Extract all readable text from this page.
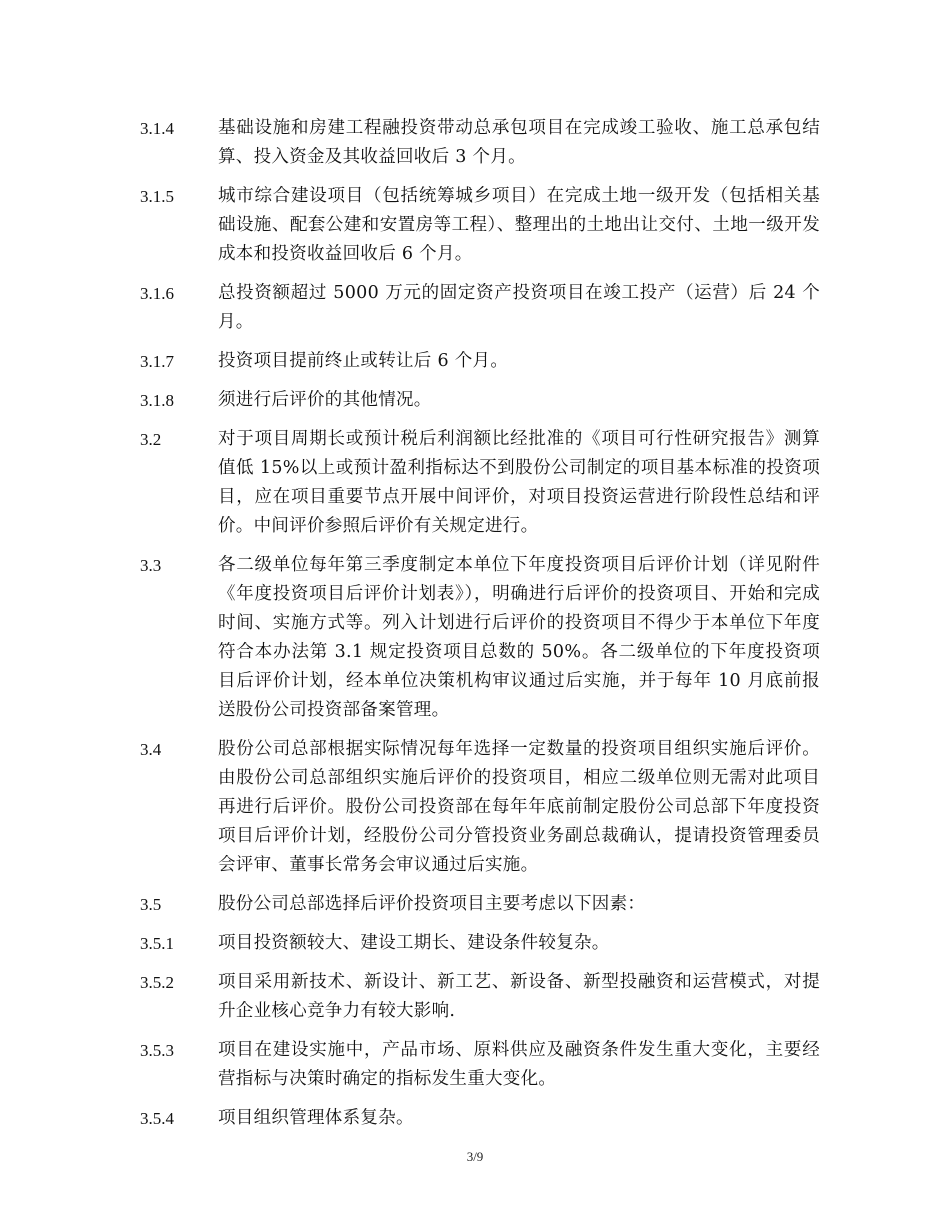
3.1.4	基础设施和房建工程融投资带动总承包项目在完成竣工验收、施工总承包结算、投入资金及其收益回收后 3 个月。
3.1.5	城市综合建设项目（包括统筹城乡项目）在完成土地一级开发（包括相关基础设施、配套公建和安置房等工程）、整理出的土地出让交付、土地一级开发成本和投资收益回收后 6 个月。
3.1.6	总投资额超过 5000 万元的固定资产投资项目在竣工投产（运营）后 24 个月。
3.1.7	投资项目提前终止或转让后 6 个月。
3.1.8	须进行后评价的其他情况。
3.2	对于项目周期长或预计税后利润额比经批准的《项目可行性研究报告》测算值低 15%以上或预计盈利指标达不到股份公司制定的项目基本标准的投资项目，应在项目重要节点开展中间评价，对项目投资运营进行阶段性总结和评价。中间评价参照后评价有关规定进行。
3.3	各二级单位每年第三季度制定本单位下年度投资项目后评价计划（详见附件《年度投资项目后评价计划表》），明确进行后评价的投资项目、开始和完成时间、实施方式等。列入计划进行后评价的投资项目不得少于本单位下年度符合本办法第 3.1 规定投资项目总数的 50%。各二级单位的下年度投资项目后评价计划，经本单位决策机构审议通过后实施，并于每年 10 月底前报送股份公司投资部备案管理。
3.4	股份公司总部根据实际情况每年选择一定数量的投资项目组织实施后评价。由股份公司总部组织实施后评价的投资项目，相应二级单位则无需对此项目再进行后评价。股份公司投资部在每年年底前制定股份公司总部下年度投资项目后评价计划，经股份公司分管投资业务副总裁确认，提请投资管理委员会评审、董事长常务会审议通过后实施。
3.5	股份公司总部选择后评价投资项目主要考虑以下因素：
3.5.1	项目投资额较大、建设工期长、建设条件较复杂。
3.5.2	项目采用新技术、新设计、新工艺、新设备、新型投融资和运营模式，对提升企业核心竞争力有较大影响.
3.5.3	项目在建设实施中，产品市场、原料供应及融资条件发生重大变化，主要经营指标与决策时确定的指标发生重大变化。
3.5.4	项目组织管理体系复杂。
3/9
